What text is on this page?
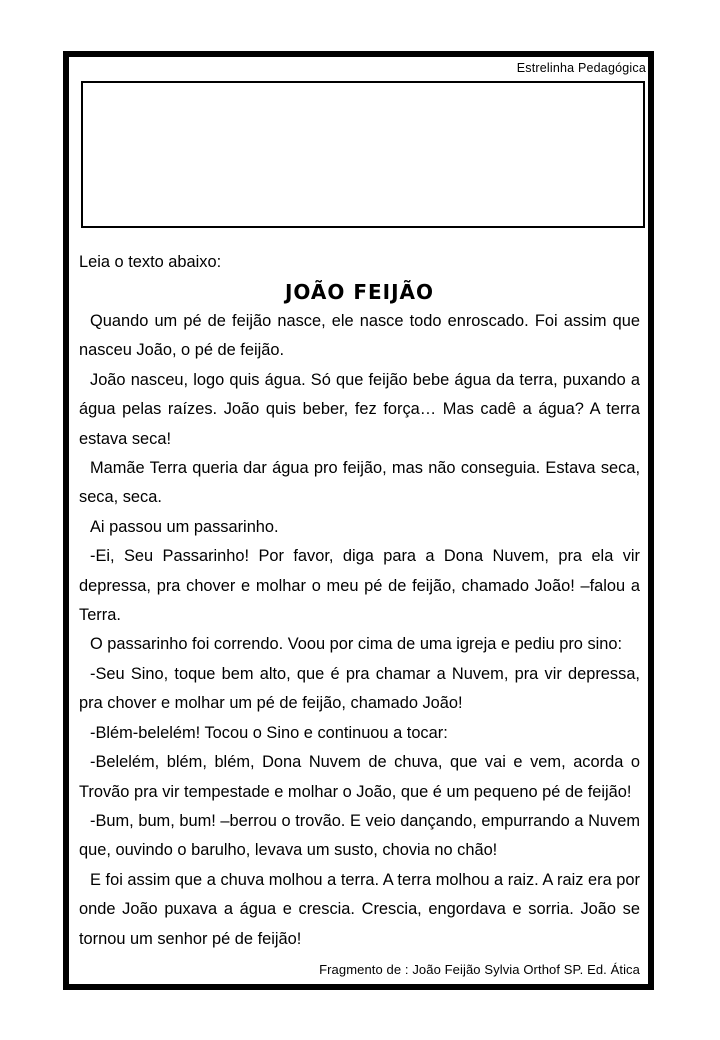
Estrelinha Pedagógica
Leia o texto abaixo:
JOÃO FEIJÃO

Quando um pé de feijão nasce, ele nasce todo enroscado. Foi assim que nasceu João, o pé de feijão.

João nasceu, logo quis água. Só que feijão bebe água da terra, puxando a água pelas raízes. João quis beber, fez força… Mas cadê a água? A terra estava seca!

Mamãe Terra queria dar água pro feijão, mas não conseguia. Estava seca, seca, seca.

Ai passou um passarinho.

-Ei, Seu Passarinho! Por favor, diga para a Dona Nuvem, pra ela vir depressa, pra chover e molhar o meu pé de feijão, chamado João! –falou a Terra.

O passarinho foi correndo. Voou por cima de uma igreja e pediu pro sino:

-Seu Sino, toque bem alto, que é pra chamar a Nuvem, pra vir depressa, pra chover e molhar um pé de feijão, chamado João!

-Blém-belelém! Tocou o Sino e continuou a tocar:

-Belelém, blém, blém, Dona Nuvem de chuva, que vai e vem, acorda o Trovão pra vir tempestade e molhar o João, que é um pequeno pé de feijão!

-Bum, bum, bum! –berrou o trovão. E veio dançando, empurrando a Nuvem que, ouvindo o barulho, levava um susto, chovia no chão!

E foi assim que a chuva molhou a terra. A terra molhou a raiz. A raiz era por onde João puxava a água e crescia. Crescia, engordava e sorria. João se tornou um senhor pé de feijão!

Fragmento de : João Feijão Sylvia Orthof SP. Ed. Ática
